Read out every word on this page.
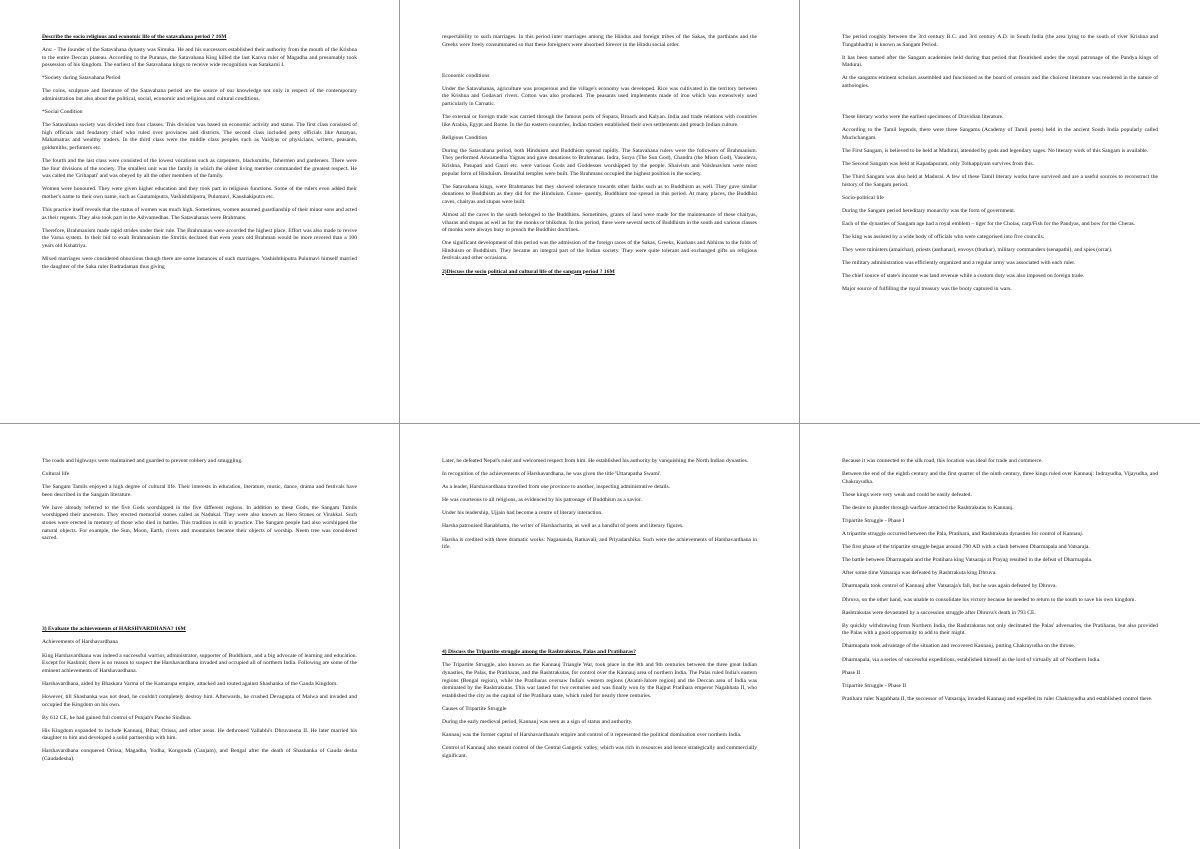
Describe the socio religious and economic life of the satavahana period ? 16M

Ans: - The founder of the Satavahana dynasty was Simuka. He and his successors established their authority from the mouth of the Krishna to the entire Deccan plateau. According to the Puranas, the Satavahana King killed the last Kanva ruler of Magadha and presumably took possession of his kingdom. The earliest of the Satavahana kings to receive wide recognition was Satakarni I.

*Society during Satavahana Period

The coins, sculpture and literature of the Satavahana period are the source of our knowledge not only in respect of the contemporary administration but also about the political, social, economic and religious and cultural conditions.

*Social Condition

The Satavahana society was divided into four classes. This division was based on economic activity and status. The first class consisted of high officials and feudatory chief who ruled over provinces and districts. The second class included petty officials like Amatyas, Mahamatras and wealthy traders. In the third class were the middle class peoples such as Vaidyas or physicians, writers, peasants, goldsmiths, perfumers etc.

The fourth and the last class were consisted of the lowest vocations such as carpenters, blacksmiths, fishermen and gardeners. There were the four divisions of the society. The smallest unit was the family in which the oldest living member commanded the greatest respect. He was called the 'Grihapati' and was obeyed by all the other members of the family.

Women were honoured. They were given higher education and they took part in religious functions. Some of the rulers even added their mother's name to their own name, such as Gautamiputra, Vashishthiputra, Pulumavi, Kaushakiputra etc.

This practice itself reveals that the status of women was much high. Sometimes, women assumed guardianship of their minor sons and acted as their regents. They also took part in the Ashvamedhas. The Satavahanas were Brahmans.

Therefore, Brahmanism made rapid strides under their rule. The Brahmanas were accorded the highest place. Effort was also made to revive the Varna system. In their bid to exalt Brahmanism the Smritis declared that even years old Brahman would be more revered than a 100 years old Kshatriya.

Mixed marriages were considered obnoxious though there are some instances of such marriages. Vashishthiputra Pulumavi himself married the daughter of the Saka ruler Rudradaman thus giving

respectability to such marriages. In this period inter marriages among the Hindus and foreign tribes of the Sakas, the parthians and the Greeks were freely consummated so that these foreigners were absorbed forever in the Hindu social order.

Economic conditions

Under the Satavahanas, agriculture was prosperous and the village's economy was developed. Rice was cultivated in the territory between the Krishna and Godavari rivers. Cotton was also produced. The peasants used implements made of iron which was extensively used particularly in Carnatic.

The external or foreign trade was carried through the famous ports of Supara, Broach and Kalyan. India and trade relations with countries like Arabia, Egypt and Rome. In the far eastern countries, Indian traders established their own settlements and preach Indian culture.

Religious Condition

During the Satavahana period, both Hinduism and Buddhism spread rapidly. The Satavahana rulers were the followers of Brahmanism. They performed Aswamedha Yagnas and gave donations to Brahmanas. Indra, Surya (The Sun God), Chandra (the Moon God), Vasudeva, Krishna, Pasupati and Gauri etc. were various Gods and Goddesses worshipped by the people. Shaivism and Vaishnavism were most popular form of Hinduism. Beautiful temples were built. The Brahmans occupied the highest position in the society.

The Satavahana kings, were Brahmanas but they showed tolerance towards other faiths such as to Buddhism as well. They gave similar donations to Buddhism as they did for the Hinduism. Conse- quently, Buddhism too spread in this period. At many places, the Buddhist caves, chaityas and stupas were built.

Almost all the caves in the south belonged to the Buddhists. Sometimes, grants of land were made for the maintenance of these chaityas, viharas and stupas as well as for the monks or bhikshus. In this period, there were several sects of Buddhism in the south and various classes of monks were always busy to preach the Buddhist doctrines.

One significant development of this period was the admission of the foreign races of the Sakas, Greeks, Kushans and Abhiras to the folds of Hinduism or Buddhism. They became an integral part of the Indian society. They were quite tolerant and exchanged gifts on religious festivals and other occasions.

2)Discuss the socio political and cultural life of the sangam period ? 16M

The period roughly between the 3rd century B.C. and 3rd century A.D. in South India (the area lying to the south of river Krishna and Tungabhadra) is known as Sangam Period.

It has been named after the Sangam academies held during that period that flourished under the royal patronage of the Pandya kings of Madurai.

At the sangams eminent scholars assembled and functioned as the board of censors and the choicest literature was rendered in the nature of anthologies.

These literary works were the earliest specimens of Dravidian literature.

According to the Tamil legends, there were three Sangams (Academy of Tamil poets) held in the ancient South India popularly called Muchchangam.

The First Sangam, is believed to be held at Madurai, attended by gods and legendary sages. No literary work of this Sangam is available.

The Second Sangam was held at Kapadapuram, only Tolkappiyam survives from this.

The Third Sangam was also held at Madurai. A few of these Tamil literary works have survived and are a useful sources to reconstruct the history of the Sangam period.

Socio-political life

During the Sangam period hereditary monarchy was the form of government.

Each of the dynasties of Sangam age had a royal emblem – tiger for the Cholas, carp/Fish for the Pandyas, and bow for the Cheras.

The king was assisted by a wide body of officials who were categorised into five councils.

They were ministers (amaichar), priests (anthanar), envoys (thuthar), military commanders (senapathi), and spies (orrar).

The military administration was efficiently organized and a regular army was associated with each ruler.

The chief source of state's income was land revenue while a custom duty was also imposed on foreign trade.

Major source of fulfilling the royal treasury was the booty captured in wars.

The roads and highways were maintained and guarded to prevent robbery and smuggling.

Cultural life

The Sangam Tamils enjoyed a high degree of cultural life. Their interests in education, literature, music, dance, drama and festivals have been described in the Sangam literature.

We have already referred to the five Gods worshipped in the five different regions. In addition to these Gods, the Sangam Tamils worshipped their ancestors. They erected memorial stones called as Nadukal. They were also known as Hero Stones or Virakkal. Such stones were erected in memory of those who died in battles. This tradition is still in practice. The Sangam people had also worshipped the natural objects. For example, the Sun, Moon, Earth, rivers and mountains became their objects of worship. Neem tree was considered sacred.

3) Evaluate the achievements of HARSHVARDHANA? 16M

Achievements of Harshavardhana

King Harshavardhana was indeed a successful warrior, administrator, supporter of Buddhism, and a big advocate of learning and education. Except for Kashmir, there is no reason to suspect the Harshavardhana invaded and occupied all of northern India. Following are some of the eminent achievements of Harshavardhana.

Harshavardhana, aided by Bhaskara Varma of the Kamarupa empire, attacked and routed against Shashanka of the Gauda Kingdom.

However, till Shashanka was not dead, he couldn't completely destroy him. Afterwards, he crushed Devagupta of Malwa and invaded and occupied the Kingdom on his own.

By 612 CE, he had gained full control of Punjab's Panche Sindhus.

His Kingdom expanded to include Kannauj, Bihar, Orissa, and other areas. He dethroned Vallabhi's Dhruvasena II. He later married his daughter to him and developed a solid partnership with him.

Harshavardhana conquered Orissa, Magadha, Yodha, Kongonda (Ganjam), and Bengal after the death of Shashanka of Gauda desha (Gaudadesha).

Later, he defeated Nepal's ruler and welcomed respect from him. He established his authority by vanquishing the North Indian dynasties.

In recognition of the achievements of Harshavardhana, he was given the title 'Uttarapatha Swami'.

As a leader, Harshavardhana travelled from one province to another, inspecting administrative details.

He was courteous to all religions, as evidenced by his patronage of Buddhism as a savior.

Under his leadership, Ujjain had become a centre of literary interaction.

Harsha patronised Banabhatta, the writer of Harshacharita, as well as a handful of poets and literary figures.

Harsha is credited with three dramatic works: Nagananda, Ratnavali, and Priyadarshika. Such were the achievements of Harshavardhana in life.

4) Discuss the Tripartite struggle among the Rashtrakutas, Palas and Pratiharas?

The Tripartite Struggle, also known as the Kannauj Triangle War, took place in the 8th and 9th centuries between the three great Indian dynasties, the Palas, the Pratiharas, and the Rashtrakutas, for control over the Kannauj area of northern India. The Palas ruled India's eastern regions (Bengal region), while the Pratiharas oversaw India's western regions (Avanti-Jalore region) and the Deccan area of India was dominated by the Rashtrakutas. This war lasted for two centuries and was finally won by the Rajput Pratihara emperor Nagabhata II, who established the city as the capital of the Pratihara state, which ruled for nearly three centuries.

Causes of Tripartite Struggle

During the early medieval period, Kannauj was seen as a sign of status and authority.

Kannauj was the former capital of Harshavardhana's empire and control of it represented the political domination over northern India.

Control of Kannauj also meant control of the Central Gangetic valley, which was rich in resources and hence strategically and commercially significant.

Because it was connected to the silk road, this location was ideal for trade and commerce.

Between the end of the eighth century and the first quarter of the ninth century, three kings ruled over Kannauj: Indrayudha, Vijayudha, and Chakrayudha.

These kings were very weak and could be easily defeated.

The desire to plunder through warfare attracted the Rashtrakutas to Kannauj.

Tripartite Struggle - Phase I

A tripartite struggle occurred between the Pala, Pratihara, and Rashtrakuta dynasties for control of Kannauj.

The first phase of the tripartite struggle began around 790 AD with a clash between Dharmapala and Vatsaraja.

The battle between Dharmapala and the Pratihara king Vatsaraja at Prayag resulted in the defeat of Dharmapala.

After some time Vatsaraja was defeated by Rashtrakuta king Dhruva.

Dharmapala took control of Kannauj after Vatsaraja's fall, but he was again defeated by Dhruva.

Dhruva, on the other hand, was unable to consolidate his victory because he needed to return to the south to save his own kingdom.

Rashtrakutas were devastated by a succession struggle after Dhruva's death in 793 CE.

By quickly withdrawing from Northern India, the Rashtrakutas not only decimated the Palas' adversaries, the Pratiharas, but also provided the Palas with a good opportunity to add to their might.

Dharmapala took advantage of the situation and recovered Kannauj, putting Chakrayudha on the throne.

Dharmapala, via a series of successful expeditions, established himself as the lord of virtually all of Northern India.

Phase II

Tripartite Struggle - Phase II

Pratihara ruler Nagabhata II, the successor of Vatsaraja, invaded Kannauj and expelled its ruler Chakrayudha and established control there.
